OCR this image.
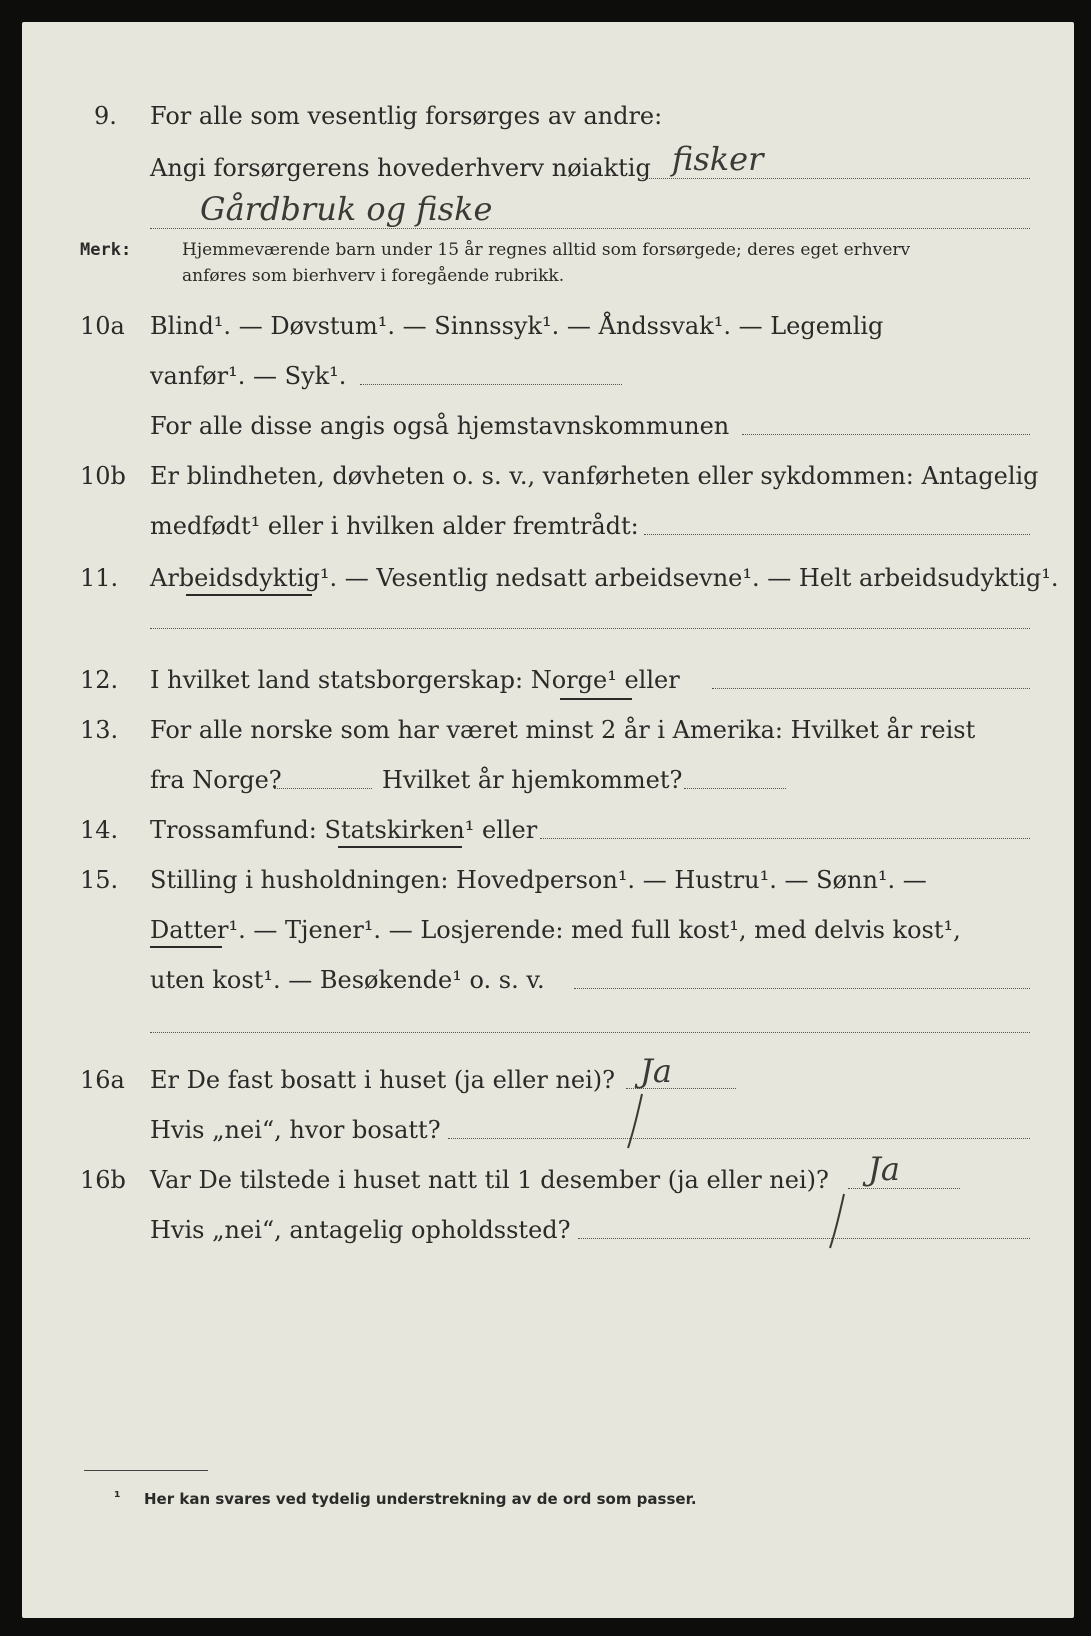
9. For alle som vesentlig forsørges av andre:
Angi forsørgerens hovederhverv nøiaktig fisker
Gårdbruk og fiske
Merk:	Hjemmeværende barn under 15 år regnes alltid som forsørgede; deres eget erhverv
anføres som bierhverv i foregående rubrikk.
10a Blind¹. — Døvstum¹. — Sinnssyk¹. — Åndssvak¹. — Legemlig
vanfør¹. — Syk¹.
For alle disse angis også hjemstavnskommunen
10b Er blindheten, døvheten o. s. v., vanførheten eller sykdommen: Antagelig
medfødt¹ eller i hvilken alder fremtrådt:
11. Arbeidsdyktig¹. — Vesentlig nedsatt arbeidsevne¹. — Helt arbeidsudyktig¹.
12. I hvilket land statsborgerskap: Norge¹ eller
13. For alle norske som har været minst 2 år i Amerika: Hvilket år reist
fra Norge?	Hvilket år hjemkommet?
14. Trossamfund: Statskirken¹ eller
15. Stilling i husholdningen: Hovedperson¹. — Hustru¹. — Sønn¹. —
Datter¹. — Tjener¹. — Losjerende: med full kost¹, med delvis kost¹,
uten kost¹. — Besøkende¹ o. s. v.
16a Er De fast bosatt i huset (ja eller nei)? Ja
Hvis „nei“, hvor bosatt?
16b Var De tilstede i huset natt til 1 desember (ja eller nei)? Ja
Hvis „nei“, antagelig opholdssted?
¹ Her kan svares ved tydelig understrekning av de ord som passer.
